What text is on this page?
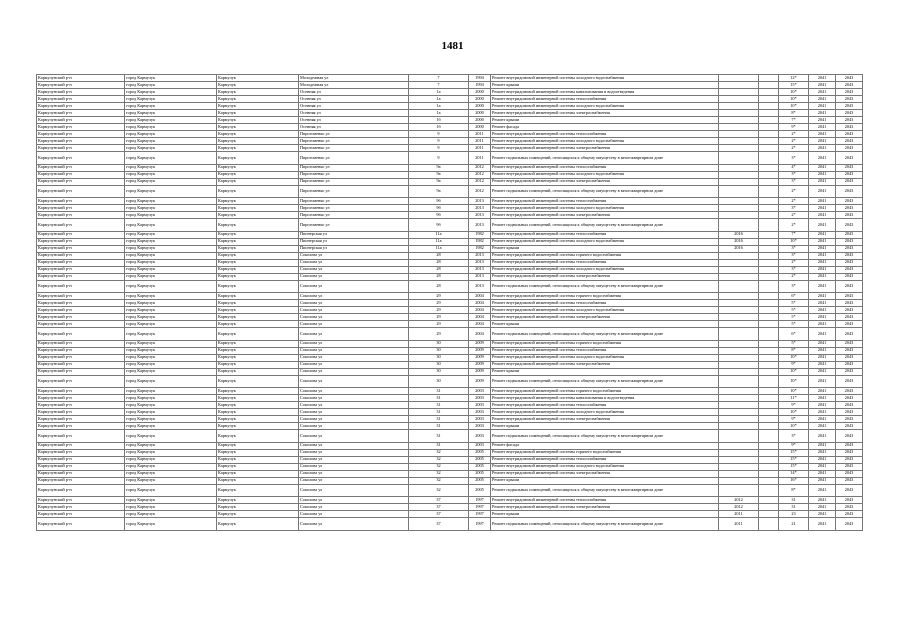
1481
Кармулунский р-н	город Кармулук	Кармулук	Молодежная ул	7	1994	Ремонт внутридомовой инженерной системы холодного водоснабжения			12*	2041	2043
Кармулунский р-н	город Кармулук	Кармулук	Молодежная ул	7	1994	Ремонт крыши			15*	2041	2043
Кармулунский р-н	город Кармулук	Кармулук	Осенняя ул	1а	2000	Ремонт внутридомовой инженерной системы канализования и водоотведения			10*	2041	2043
Кармулунский р-н	город Кармулук	Кармулук	Осенняя ул	1а	2000	Ремонт внутридомовой инженерной системы теплоснабжения			10*	2041	2043
Кармулунский р-н	город Кармулук	Кармулук	Осенняя ул	1а	2000	Ремонт внутридомовой инженерной системы холодного водоснабжения			10*	2041	2043
Кармулунский р-н	город Кармулук	Кармулук	Осенняя ул	1а	2000	Ремонт внутридомовой инженерной системы электроснабжения			8*	2041	2043
Кармулунский р-н	город Кармулук	Кармулук	Осенняя ул	1б	2000	Ремонт крыши			7*	2041	2043
Кармулунский р-н	город Кармулук	Кармулук	Осенняя ул	1б	2000	Ремонт фасада			9*	2041	2043
Кармулунский р-н	город Кармулук	Кармулук	Пирогоменко ул	9	2011	Ремонт внутридомовой инженерной системы теплоснабжения			2*	2041	2043
Кармулунский р-н	город Кармулук	Кармулук	Пирогоменко ул	9	2011	Ремонт внутридомовой инженерной системы холодного водоснабжения			2*	2041	2043
Кармулунский р-н	город Кармулук	Кармулук	Пирогоменко ул	9	2011	Ремонт внутридомовой инженерной системы электроснабжения			2*	2041	2043
Кармулунский р-н	город Кармулук	Кармулук	Пирогоменко ул	9	2011	Ремонт подвальных помещений, относящихся к общему имуществу в многоквартирном доме			3*	2041	2043
Кармулунский р-н	город Кармулук	Кармулук	Пирогоменко ул	9а	2012	Ремонт внутридомовой инженерной системы теплоснабжения			4*	2041	2043
Кармулунский р-н	город Кармулук	Кармулук	Пирогоменко ул	9а	2012	Ремонт внутридомовой инженерной системы холодного водоснабжения			3*	2041	2043
Кармулунский р-н	город Кармулук	Кармулук	Пирогоменко ул	9а	2012	Ремонт внутридомовой инженерной системы электроснабжения			3*	2041	2043
Кармулунский р-н	город Кармулук	Кармулук	Пирогоменко ул	9а	2012	Ремонт подвальных помещений, относящихся к общему имуществу в многоквартирном доме			2*	2041	2043
Кармулунский р-н	город Кармулук	Кармулук	Пирогоменко ул	9б	2013	Ремонт внутридомовой инженерной системы теплоснабжения			2*	2041	2043
Кармулунский р-н	город Кармулук	Кармулук	Пирогоменко ул	9б	2013	Ремонт внутридомовой инженерной системы холодного водоснабжения			3*	2041	2043
Кармулунский р-н	город Кармулук	Кармулук	Пирогоменко ул	9б	2013	Ремонт внутридомовой инженерной системы электроснабжения			2*	2041	2043
Кармулунский р-н	город Кармулук	Кармулук	Пирогоменко ул	9б	2013	Ремонт подвальных помещений, относящихся к общему имуществу в многоквартирном доме			2*	2041	2043
Кармулунский р-н	город Кармулук	Кармулук	Пионерская ул	11а	1982	Ремонт внутридомовой инженерной системы теплоснабжения	2016		7*	2041	2043
Кармулунский р-н	город Кармулук	Кармулук	Пионерская ул	11а	1982	Ремонт внутридомовой инженерной системы холодного водоснабжения	2016		10*	2041	2043
Кармулунский р-н	город Кармулук	Кармулук	Пионерская ул	11а	1982	Ремонт крыши	2016		3*	2041	2043
Кармулунский р-н	город Кармулук	Кармулук	Соколова ул	28	2013	Ремонт внутридомовой инженерной системы горячего водоснабжения			3*	2041	2043
Кармулунский р-н	город Кармулук	Кармулук	Соколова ул	28	2013	Ремонт внутридомовой инженерной системы теплоснабжения			2*	2041	2043
Кармулунский р-н	город Кармулук	Кармулук	Соколова ул	28	2013	Ремонт внутридомовой инженерной системы холодного водоснабжения			3*	2041	2043
Кармулунский р-н	город Кармулук	Кармулук	Соколова ул	28	2013	Ремонт внутридомовой инженерной системы электроснабжения			2*	2041	2043
Кармулунский р-н	город Кармулук	Кармулук	Соколова ул	28	2013	Ремонт подвальных помещений, относящихся к общему имуществу в многоквартирном доме			3*	2041	2043
Кармулунский р-н	город Кармулук	Кармулук	Соколова ул	29	2004	Ремонт внутридомовой инженерной системы горячего водоснабжения			6*	2041	2043
Кармулунский р-н	город Кармулук	Кармулук	Соколова ул	29	2004	Ремонт внутридомовой инженерной системы теплоснабжения			5*	2041	2043
Кармулунский р-н	город Кармулук	Кармулук	Соколова ул	29	2004	Ремонт внутридомовой инженерной системы холодного водоснабжения			5*	2041	2043
Кармулунский р-н	город Кармулук	Кармулук	Соколова ул	29	2004	Ремонт внутридомовой инженерной системы электроснабжения			5*	2041	2043
Кармулунский р-н	город Кармулук	Кармулук	Соколова ул	29	2004	Ремонт крыши			5*	2041	2043
Кармулунский р-н	город Кармулук	Кармулук	Соколова ул	29	2004	Ремонт подвальных помещений, относящихся к общему имуществу в многоквартирном доме			6*	2041	2043
Кармулунский р-н	город Кармулук	Кармулук	Соколова ул	30	2009	Ремонт внутридомовой инженерной системы горячего водоснабжения			5*	2041	2043
Кармулунский р-н	город Кармулук	Кармулук	Соколова ул	30	2009	Ремонт внутридомовой инженерной системы теплоснабжения			8*	2041	2043
Кармулунский р-н	город Кармулук	Кармулук	Соколова ул	30	2009	Ремонт внутридомовой инженерной системы холодного водоснабжения			10*	2041	2043
Кармулунский р-н	город Кармулук	Кармулук	Соколова ул	30	2009	Ремонт внутридомовой инженерной системы электроснабжения			9*	2041	2043
Кармулунский р-н	город Кармулук	Кармулук	Соколова ул	30	2009	Ремонт крыши			10*	2041	2043
Кармулунский р-н	город Кармулук	Кармулук	Соколова ул	30	2009	Ремонт подвальных помещений, относящихся к общему имуществу в многоквартирном доме			10*	2041	2043
Кармулунский р-н	город Кармулук	Кармулук	Соколова ул	31	2003	Ремонт внутридомовой инженерной системы горячего водоснабжения			10*	2041	2043
Кармулунский р-н	город Кармулук	Кармулук	Соколова ул	31	2003	Ремонт внутридомовой инженерной системы канализования и водоотведения			11*	2041	2043
Кармулунский р-н	город Кармулук	Кармулук	Соколова ул	31	2003	Ремонт внутридомовой инженерной системы теплоснабжения			9*	2041	2043
Кармулунский р-н	город Кармулук	Кармулук	Соколова ул	31	2003	Ремонт внутридомовой инженерной системы холодного водоснабжения			10*	2041	2043
Кармулунский р-н	город Кармулук	Кармулук	Соколова ул	31	2003	Ремонт внутридомовой инженерной системы электроснабжения			9*	2041	2043
Кармулунский р-н	город Кармулук	Кармулук	Соколова ул	31	2003	Ремонт крыши			10*	2041	2043
Кармулунский р-н	город Кармулук	Кармулук	Соколова ул	31	2003	Ремонт подвальных помещений, относящихся к общему имуществу в многоквартирном доме			3*	2041	2043
Кармулунский р-н	город Кармулук	Кармулук	Соколова ул	31	2003	Ремонт фасада			9*	2041	2043
Кармулунский р-н	город Кармулук	Кармулук	Соколова ул	32	2005	Ремонт внутридомовой инженерной системы горячего водоснабжения			15*	2041	2043
Кармулунский р-н	город Кармулук	Кармулук	Соколова ул	32	2005	Ремонт внутридомовой инженерной системы теплоснабжения			15*	2041	2043
Кармулунский р-н	город Кармулук	Кармулук	Соколова ул	32	2005	Ремонт внутридомовой инженерной системы холодного водоснабжения			15*	2041	2043
Кармулунский р-н	город Кармулук	Кармулук	Соколова ул	32	2005	Ремонт внутридомовой инженерной системы электроснабжения			14*	2041	2043
Кармулунский р-н	город Кармулук	Кармулук	Соколова ул	32	2005	Ремонт крыши			16*	2041	2043
Кармулунский р-н	город Кармулук	Кармулук	Соколова ул	32	2005	Ремонт подвальных помещений, относящихся к общему имуществу в многоквартирном доме			8*	2041	2043
Кармулунский р-н	город Кармулук	Кармулук	Соколова ул	37	1997	Ремонт внутридомовой инженерной системы теплоснабжения	2012		31	2041	2043
Кармулунский р-н	город Кармулук	Кармулук	Соколова ул	37	1997	Ремонт внутридомовой инженерной системы электроснабжения	2012		31	2041	2043
Кармулунский р-н	город Кармулук	Кармулук	Соколова ул	37	1997	Ремонт крыши	2011		23	2041	2043
Кармулунский р-н	город Кармулук	Кармулук	Соколова ул	37	1997	Ремонт подвальных помещений, относящихся к общему имуществу в многоквартирном доме	2011		21	2041	2043
